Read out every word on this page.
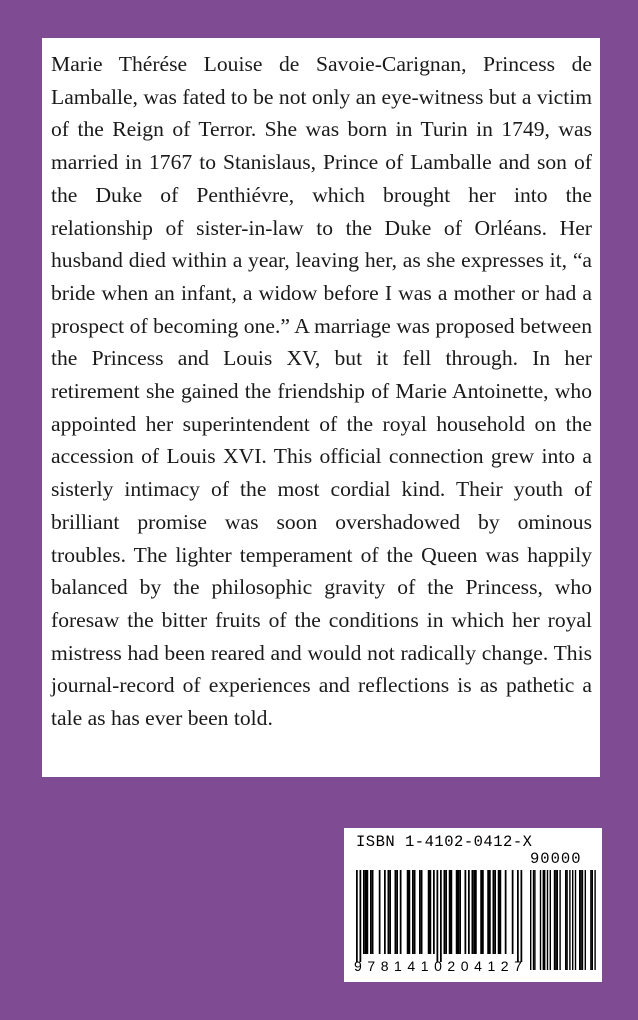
Marie Thérése Louise de Savoie-Carignan, Princess de Lamballe, was fated to be not only an eye-witness but a victim of the Reign of Terror. She was born in Turin in 1749, was married in 1767 to Stanislaus, Prince of Lamballe and son of the Duke of Penthiévre, which brought her into the relationship of sister-in-law to the Duke of Orléans. Her husband died within a year, leaving her, as she expresses it, “a bride when an infant, a widow before I was a mother or had a prospect of becoming one.” A marriage was proposed between the Princess and Louis XV, but it fell through. In her retirement she gained the friendship of Marie Antoinette, who appointed her superintendent of the royal household on the accession of Louis XVI. This official connection grew into a sisterly intimacy of the most cordial kind. Their youth of brilliant promise was soon overshadowed by ominous troubles. The lighter temperament of the Queen was happily balanced by the philosophic gravity of the Princess, who foresaw the bitter fruits of the conditions in which her royal mistress had been reared and would not radically change. This journal-record of experiences and reflections is as pathetic a tale as has ever been told.

ISBN 1-4102-0412-X
90000
9 7 8 1 4 1 0 2 0 4 1 2 7
